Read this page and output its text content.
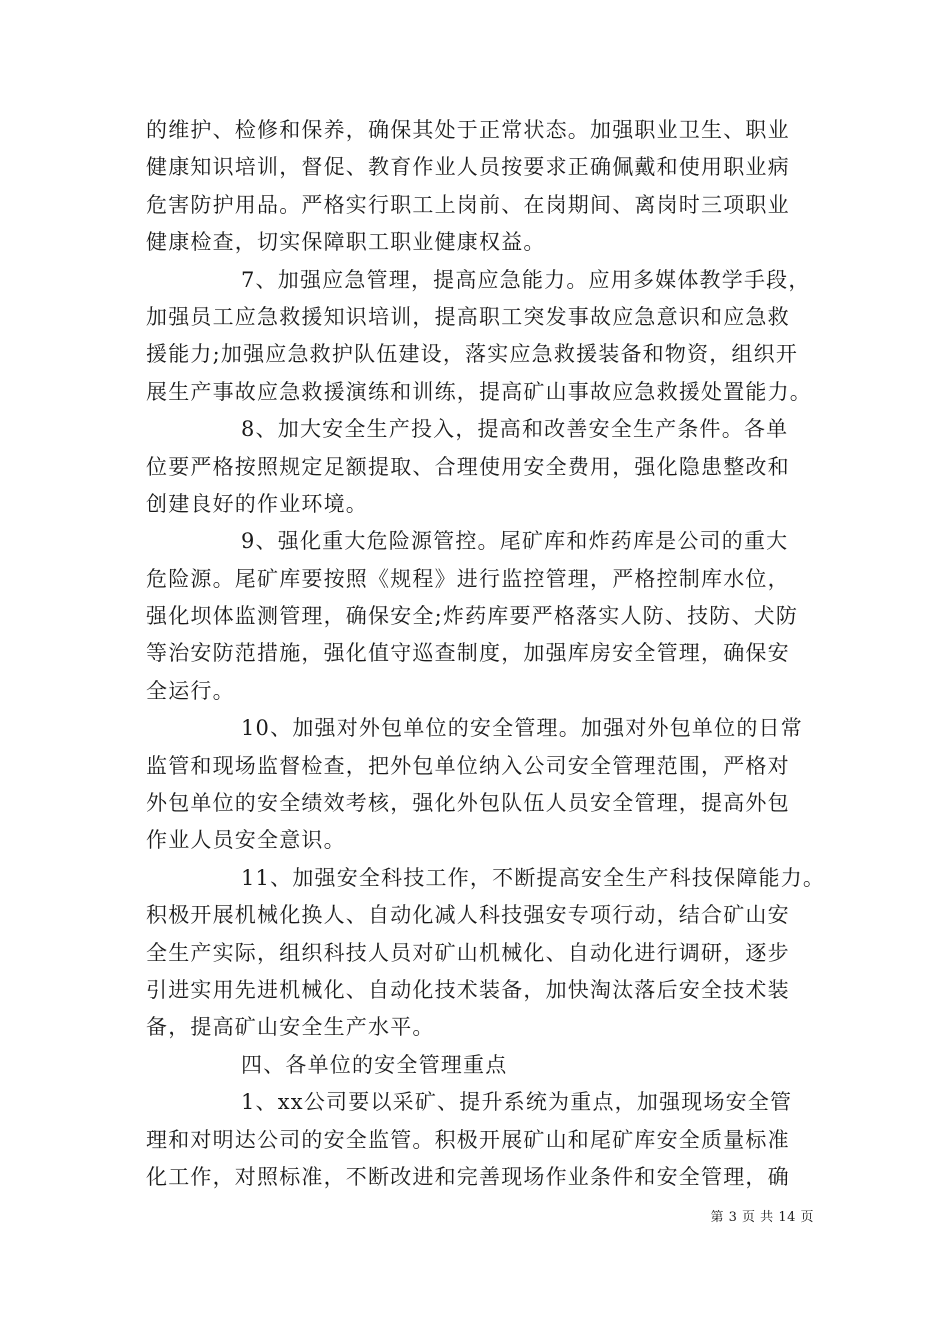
的维护、检修和保养，确保其处于正常状态。加强职业卫生、职业
健康知识培训，督促、教育作业人员按要求正确佩戴和使用职业病
危害防护用品。严格实行职工上岗前、在岗期间、离岗时三项职业
健康检查，切实保障职工职业健康权益。
7、加强应急管理，提高应急能力。应用多媒体教学手段，
加强员工应急救援知识培训，提高职工突发事故应急意识和应急救
援能力;加强应急救护队伍建设，落实应急救援装备和物资，组织开
展生产事故应急救援演练和训练，提高矿山事故应急救援处置能力。
8、加大安全生产投入，提高和改善安全生产条件。各单
位要严格按照规定足额提取、合理使用安全费用，强化隐患整改和
创建良好的作业环境。
9、强化重大危险源管控。尾矿库和炸药库是公司的重大
危险源。尾矿库要按照《规程》进行监控管理，严格控制库水位，
强化坝体监测管理，确保安全;炸药库要严格落实人防、技防、犬防
等治安防范措施，强化值守巡查制度，加强库房安全管理，确保安
全运行。
10、加强对外包单位的安全管理。加强对外包单位的日常
监管和现场监督检查，把外包单位纳入公司安全管理范围，严格对
外包单位的安全绩效考核，强化外包队伍人员安全管理，提高外包
作业人员安全意识。
11、加强安全科技工作，不断提高安全生产科技保障能力。
积极开展机械化换人、自动化减人科技强安专项行动，结合矿山安
全生产实际，组织科技人员对矿山机械化、自动化进行调研，逐步
引进实用先进机械化、自动化技术装备，加快淘汰落后安全技术装
备，提高矿山安全生产水平。
四、各单位的安全管理重点
1、xx公司要以采矿、提升系统为重点，加强现场安全管
理和对明达公司的安全监管。积极开展矿山和尾矿库安全质量标准
化工作，对照标准，不断改进和完善现场作业条件和安全管理，确
第 3 页 共 14 页
